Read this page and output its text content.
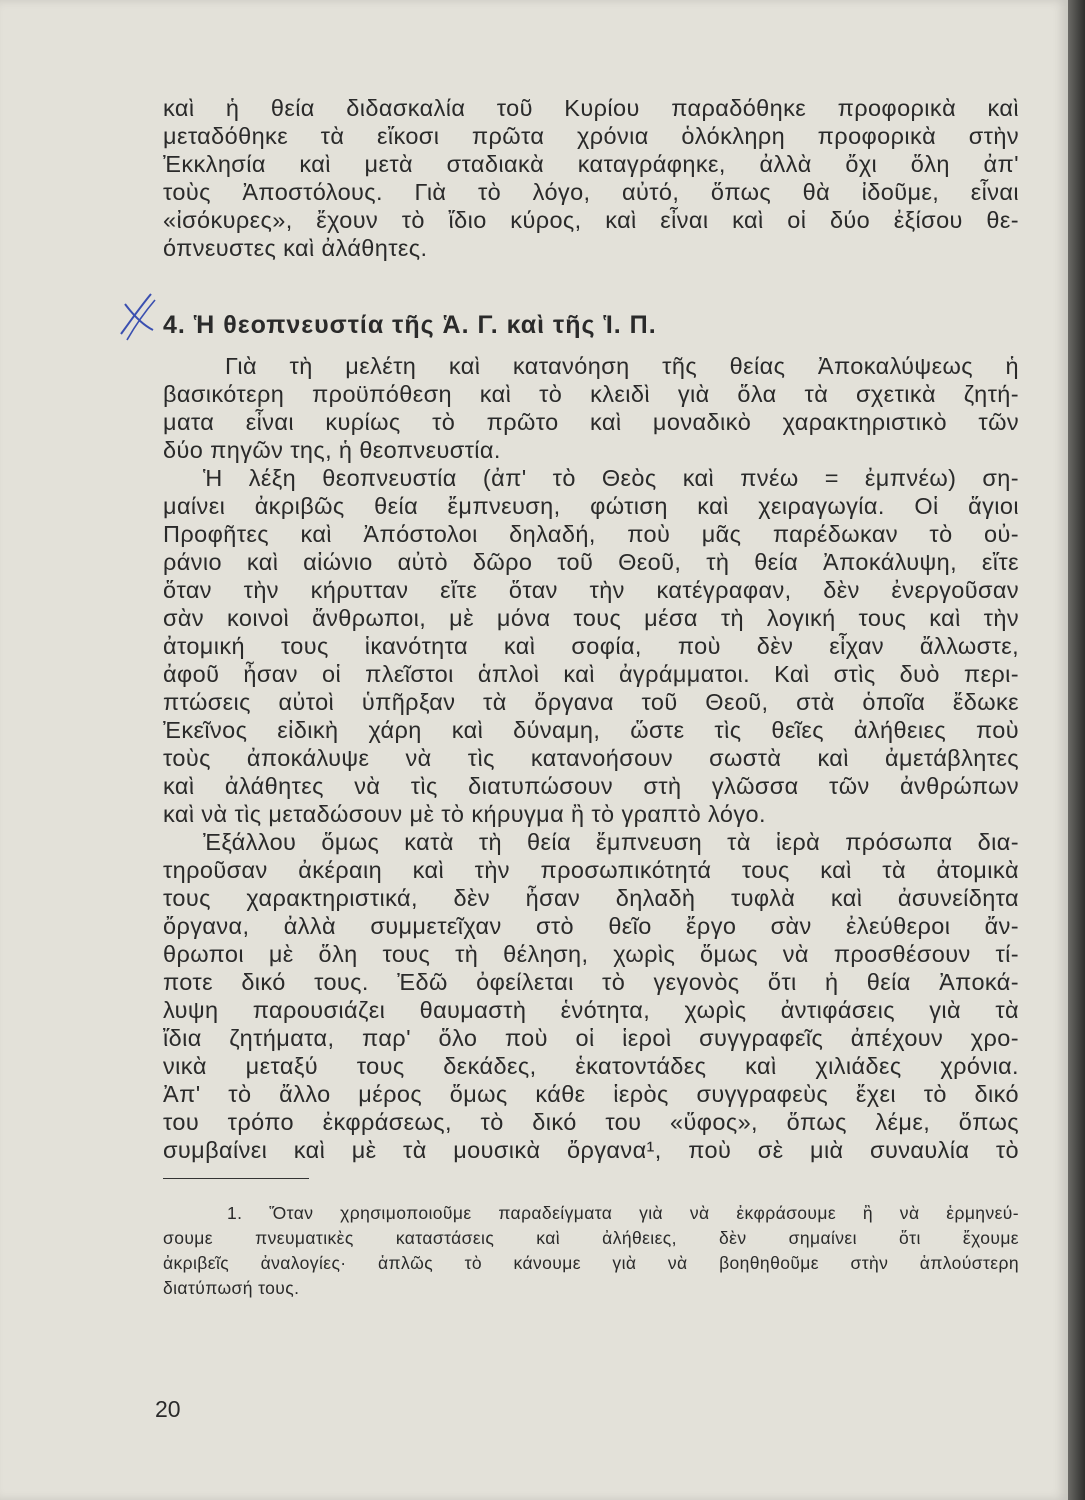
καὶ ἡ θεία διδασκαλία τοῦ Κυρίου παραδόθηκε προφορικὰ καὶ
μεταδόθηκε τὰ εἴκοσι πρῶτα χρόνια ὁλόκληρη προφορικὰ στὴν
Ἐκκλησία καὶ μετὰ σταδιακὰ καταγράφηκε, ἀλλὰ ὄχι ὅλη ἀπ'
τοὺς Ἀποστόλους. Γιὰ τὸ λόγο, αὐτό, ὅπως θὰ ἰδοῦμε, εἶναι
«ἰσόκυρες», ἔχουν τὸ ἴδιο κύρος, καὶ εἶναι καὶ οἱ δύο ἐξίσου θε-
όπνευστες καὶ ἀλάθητες.
4. Ἡ θεοπνευστία τῆς Ἁ. Γ. καὶ τῆς Ἱ. Π.
Γιὰ τὴ μελέτη καὶ κατανόηση τῆς θείας Ἀποκαλύψεως ἡ
βασικότερη προϋπόθεση καὶ τὸ κλειδὶ γιὰ ὅλα τὰ σχετικὰ ζητή-
ματα εἶναι κυρίως τὸ πρῶτο καὶ μοναδικὸ χαρακτηριστικὸ τῶν
δύο πηγῶν της, ἡ θεοπνευστία.
Ἡ λέξη θεοπνευστία (ἀπ' τὸ Θεὸς καὶ πνέω = ἐμπνέω) ση-
μαίνει ἀκριβῶς θεία ἔμπνευση, φώτιση καὶ χειραγωγία. Οἱ ἅγιοι
Προφῆτες καὶ Ἀπόστολοι δηλαδή, ποὺ μᾶς παρέδωκαν τὸ οὐ-
ράνιο καὶ αἰώνιο αὐτὸ δῶρο τοῦ Θεοῦ, τὴ θεία Ἀποκάλυψη, εἴτε
ὅταν τὴν κήρυτταν εἴτε ὅταν τὴν κατέγραφαν, δὲν ἐνεργοῦσαν
σὰν κοινοὶ ἄνθρωποι, μὲ μόνα τους μέσα τὴ λογική τους καὶ τὴν
ἀτομική τους ἱκανότητα καὶ σοφία, ποὺ δὲν εἶχαν ἄλλωστε,
ἀφοῦ ἦσαν οἱ πλεῖστοι ἁπλοὶ καὶ ἀγράμματοι. Καὶ στὶς δυὸ περι-
πτώσεις αὐτοὶ ὑπῆρξαν τὰ ὄργανα τοῦ Θεοῦ, στὰ ὁποῖα ἔδωκε
Ἐκεῖνος εἰδικὴ χάρη καὶ δύναμη, ὥστε τὶς θεῖες ἀλήθειες ποὺ
τοὺς ἀποκάλυψε νὰ τὶς κατανοήσουν σωστὰ καὶ ἀμετάβλητες
καὶ ἀλάθητες νὰ τὶς διατυπώσουν στὴ γλῶσσα τῶν ἀνθρώπων
καὶ νὰ τὶς μεταδώσουν μὲ τὸ κήρυγμα ἢ τὸ γραπτὸ λόγο.
Ἐξάλλου ὅμως κατὰ τὴ θεία ἔμπνευση τὰ ἱερὰ πρόσωπα δια-
τηροῦσαν ἀκέραιη καὶ τὴν προσωπικότητά τους καὶ τὰ ἀτομικὰ
τους χαρακτηριστικά, δὲν ἦσαν δηλαδὴ τυφλὰ καὶ ἀσυνείδητα
ὄργανα, ἀλλὰ συμμετεῖχαν στὸ θεῖο ἔργο σὰν ἐλεύθεροι ἄν-
θρωποι μὲ ὅλη τους τὴ θέληση, χωρὶς ὅμως νὰ προσθέσουν τί-
ποτε δικό τους. Ἐδῶ ὀφείλεται τὸ γεγονὸς ὅτι ἡ θεία Ἀποκά-
λυψη παρουσιάζει θαυμαστὴ ἑνότητα, χωρὶς ἀντιφάσεις γιὰ τὰ
ἴδια ζητήματα, παρ' ὅλο ποὺ οἱ ἱεροὶ συγγραφεῖς ἀπέχουν χρο-
νικὰ μεταξύ τους δεκάδες, ἑκατοντάδες καὶ χιλιάδες χρόνια.
Ἀπ' τὸ ἄλλο μέρος ὅμως κάθε ἱερὸς συγγραφεὺς ἔχει τὸ δικό
του τρόπο ἐκφράσεως, τὸ δικό του «ὕφος», ὅπως λέμε, ὅπως
συμβαίνει καὶ μὲ τὰ μουσικὰ ὄργανα¹, ποὺ σὲ μιὰ συναυλία τὸ
1. Ὅταν χρησιμοποιοῦμε παραδείγματα γιὰ νὰ ἐκφράσουμε ἢ νὰ ἑρμηνεύ-
σουμε πνευματικὲς καταστάσεις καὶ ἀλήθειες, δὲν σημαίνει ὅτι ἔχουμε
ἀκριβεῖς ἀναλογίες· ἁπλῶς τὸ κάνουμε γιὰ νὰ βοηθηθοῦμε στὴν ἁπλούστερη
διατύπωσή τους.
20
